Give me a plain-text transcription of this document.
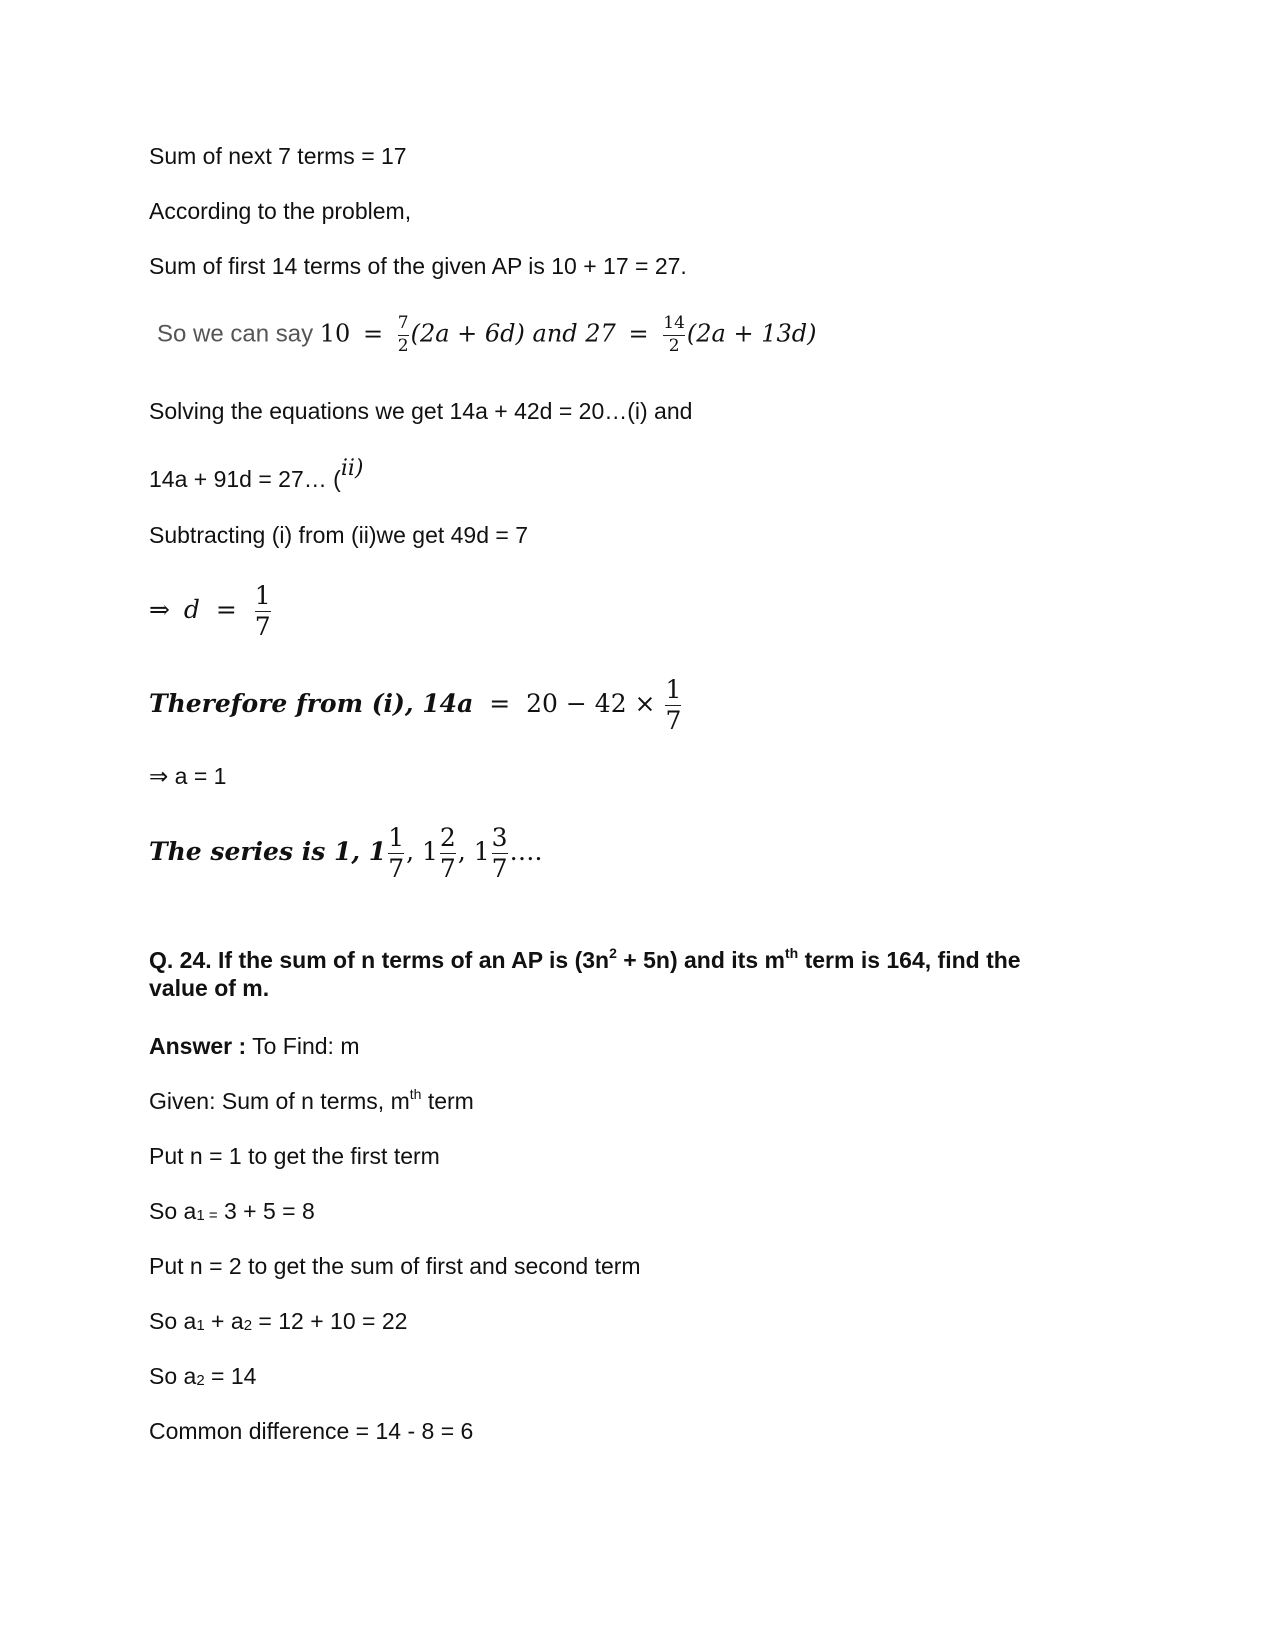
Sum of next 7 terms = 17
According to the problem,
Sum of first 14 terms of the given AP is 10 + 17 = 27.
So we can say $10 = \frac{7}{2} (2a + 6d)$ and $27 = \frac{14}{2} (2a + 13d)$
Solving the equations we get 14a + 42d = 20…(i) and
14a + 91d = 27… (ii)
Subtracting (i) from (ii)we get 49d = 7
⇒ $d = \frac{1}{7}$
Therefore from (i), $14a = 20 - 42 \times \frac{1}{7}$
⇒ a = 1
The series is 1, $1 \frac{1}{7}$ , $1 \frac{2}{7}$ , $1 \frac{3}{7}$ ….
Q. 24. If the sum of n terms of an AP is $(3n^2 + 5n)$ and its $m^{th}$ term is 164, find the
value of m.
Answer : To Find: m
Given: Sum of n terms, $m^{th}$ term
Put n = 1 to get the first term
So $a_{1 =}$ 3 + 5 = 8
Put n = 2 to get the sum of first and second term
So $a_1 + a_2 = 12 + 10 = 22$
So $a_2 = 14$
Common difference = 14 - 8 = 6
